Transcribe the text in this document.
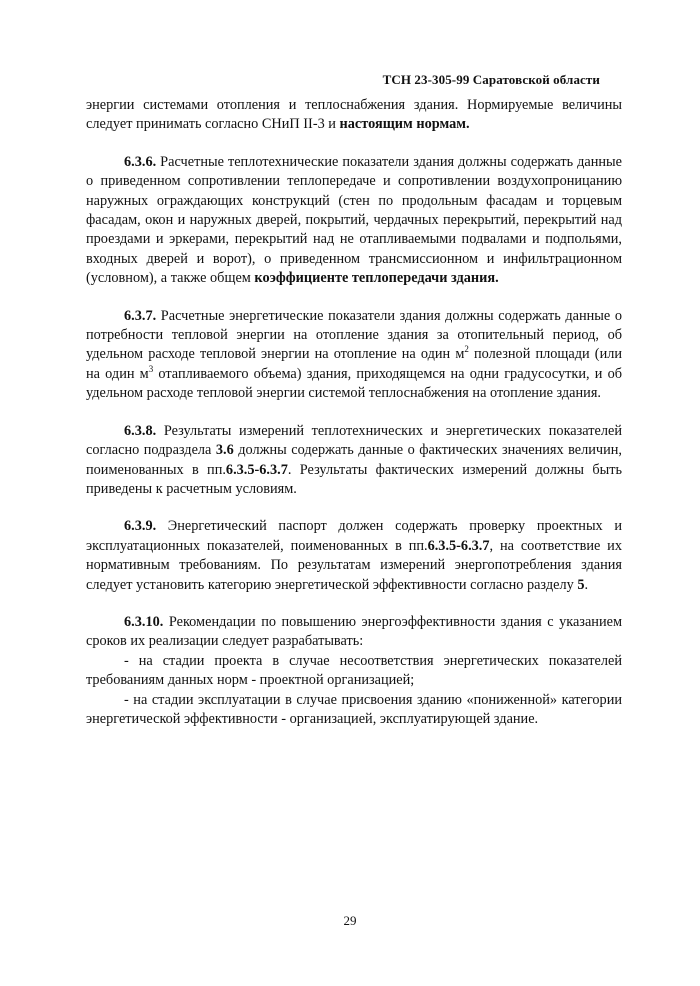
ТСН 23-305-99 Саратовской области

энергии системами отопления и теплоснабжения здания. Нормируемые величины следует принимать согласно СНиП II-3 и настоящим нормам.

6.3.6. Расчетные теплотехнические показатели здания должны содержать данные о приведенном сопротивлении теплопередаче и сопротивлении воздухопроницанию наружных ограждающих конструкций (стен по продольным фасадам и торцевым фасадам, окон и наружных дверей, покрытий, чердачных перекрытий, перекрытий над проездами и эркерами, перекрытий над не отапливаемыми подвалами и подпольями, входных дверей и ворот), о приведенном трансмиссионном и инфильтрационном (условном), а также общем коэффициенте теплопередачи здания.

6.3.7. Расчетные энергетические показатели здания должны содержать данные о потребности тепловой энергии на отопление здания за отопительный период, об удельном расходе тепловой энергии на отопление на один $м^2$ полезной площади (или на один $м^3$ отапливаемого объема) здания, приходящемся на одни градусосутки, и об удельном расходе тепловой энергии системой теплоснабжения на отопление здания.

6.3.8. Результаты измерений теплотехнических и энергетических показателей согласно подраздела 3.6 должны содержать данные о фактических значениях величин, поименованных в пп.6.3.5-6.3.7. Результаты фактических измерений должны быть приведены к расчетным условиям.

6.3.9. Энергетический паспорт должен содержать проверку проектных и эксплуатационных показателей, поименованных в пп.6.3.5-6.3.7, на соответствие их нормативным требованиям. По результатам измерений энергопотребления здания следует установить категорию энергетической эффективности согласно разделу 5.

6.3.10. Рекомендации по повышению энергоэффективности здания с указанием сроков их реализации следует разрабатывать:

- на стадии проекта в случае несоответствия энергетических показателей требованиям данных норм - проектной организацией;

- на стадии эксплуатации в случае присвоения зданию «пониженной» категории энергетической эффективности - организацией, эксплуатирующей здание.

29
